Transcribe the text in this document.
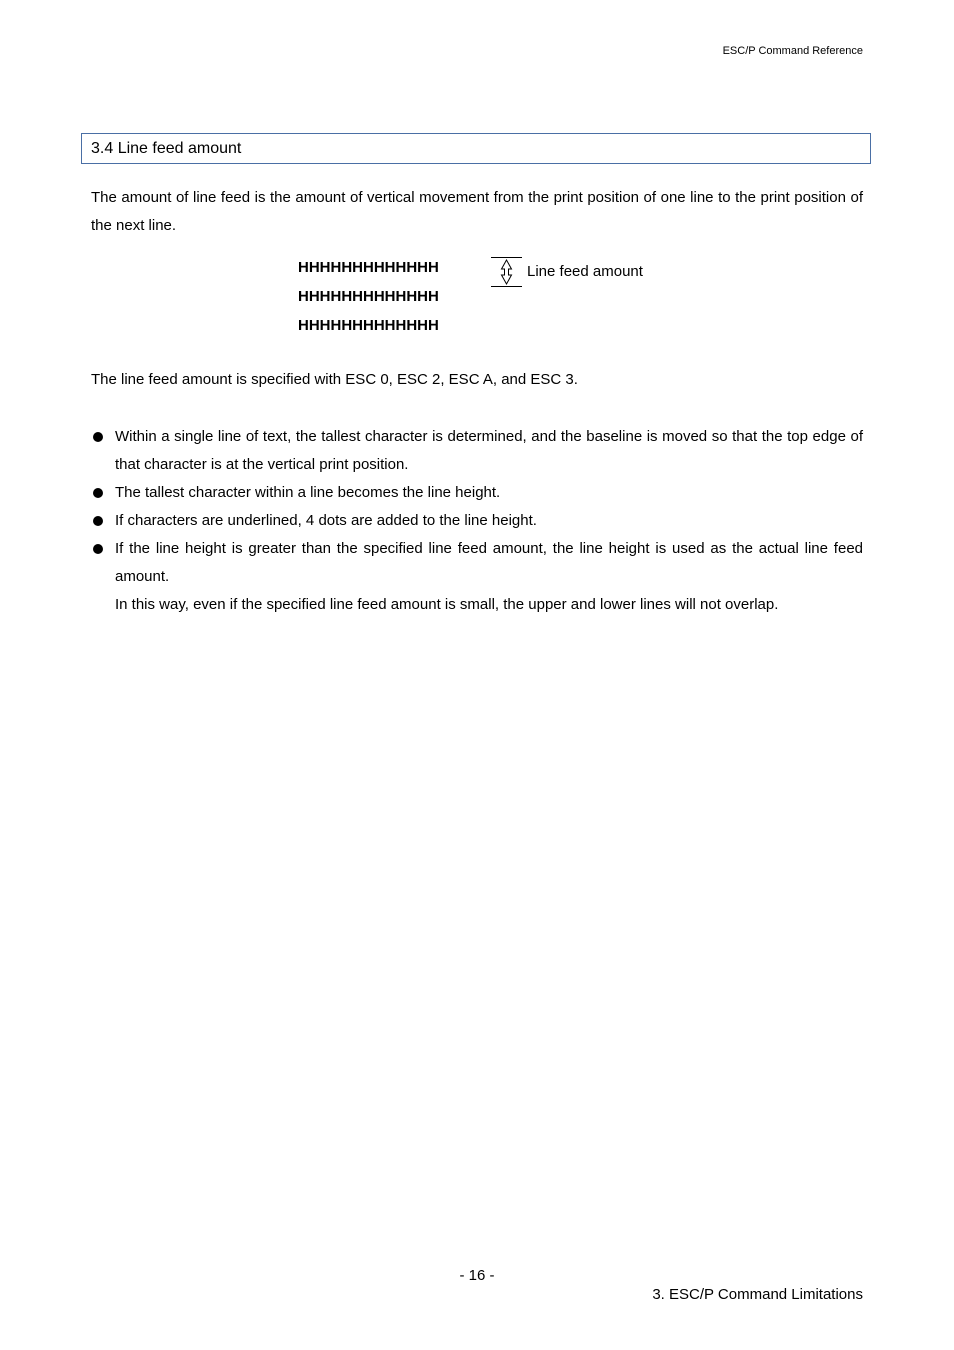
ESC/P Command Reference
3.4 Line feed amount

The amount of line feed is the amount of vertical movement from the print position of one line to the print position of the next line.

HHHHHHHHHHHHH
HHHHHHHHHHHHH
HHHHHHHHHHHHH
Line feed amount

The line feed amount is specified with ESC 0, ESC 2, ESC A, and ESC 3.

Within a single line of text, the tallest character is determined, and the baseline is moved so that the top edge of that character is at the vertical print position.
The tallest character within a line becomes the line height.
If characters are underlined, 4 dots are added to the line height.
If the line height is greater than the specified line feed amount, the line height is used as the actual line feed amount.
In this way, even if the specified line feed amount is small, the upper and lower lines will not overlap.
- 16 -
3. ESC/P Command Limitations
